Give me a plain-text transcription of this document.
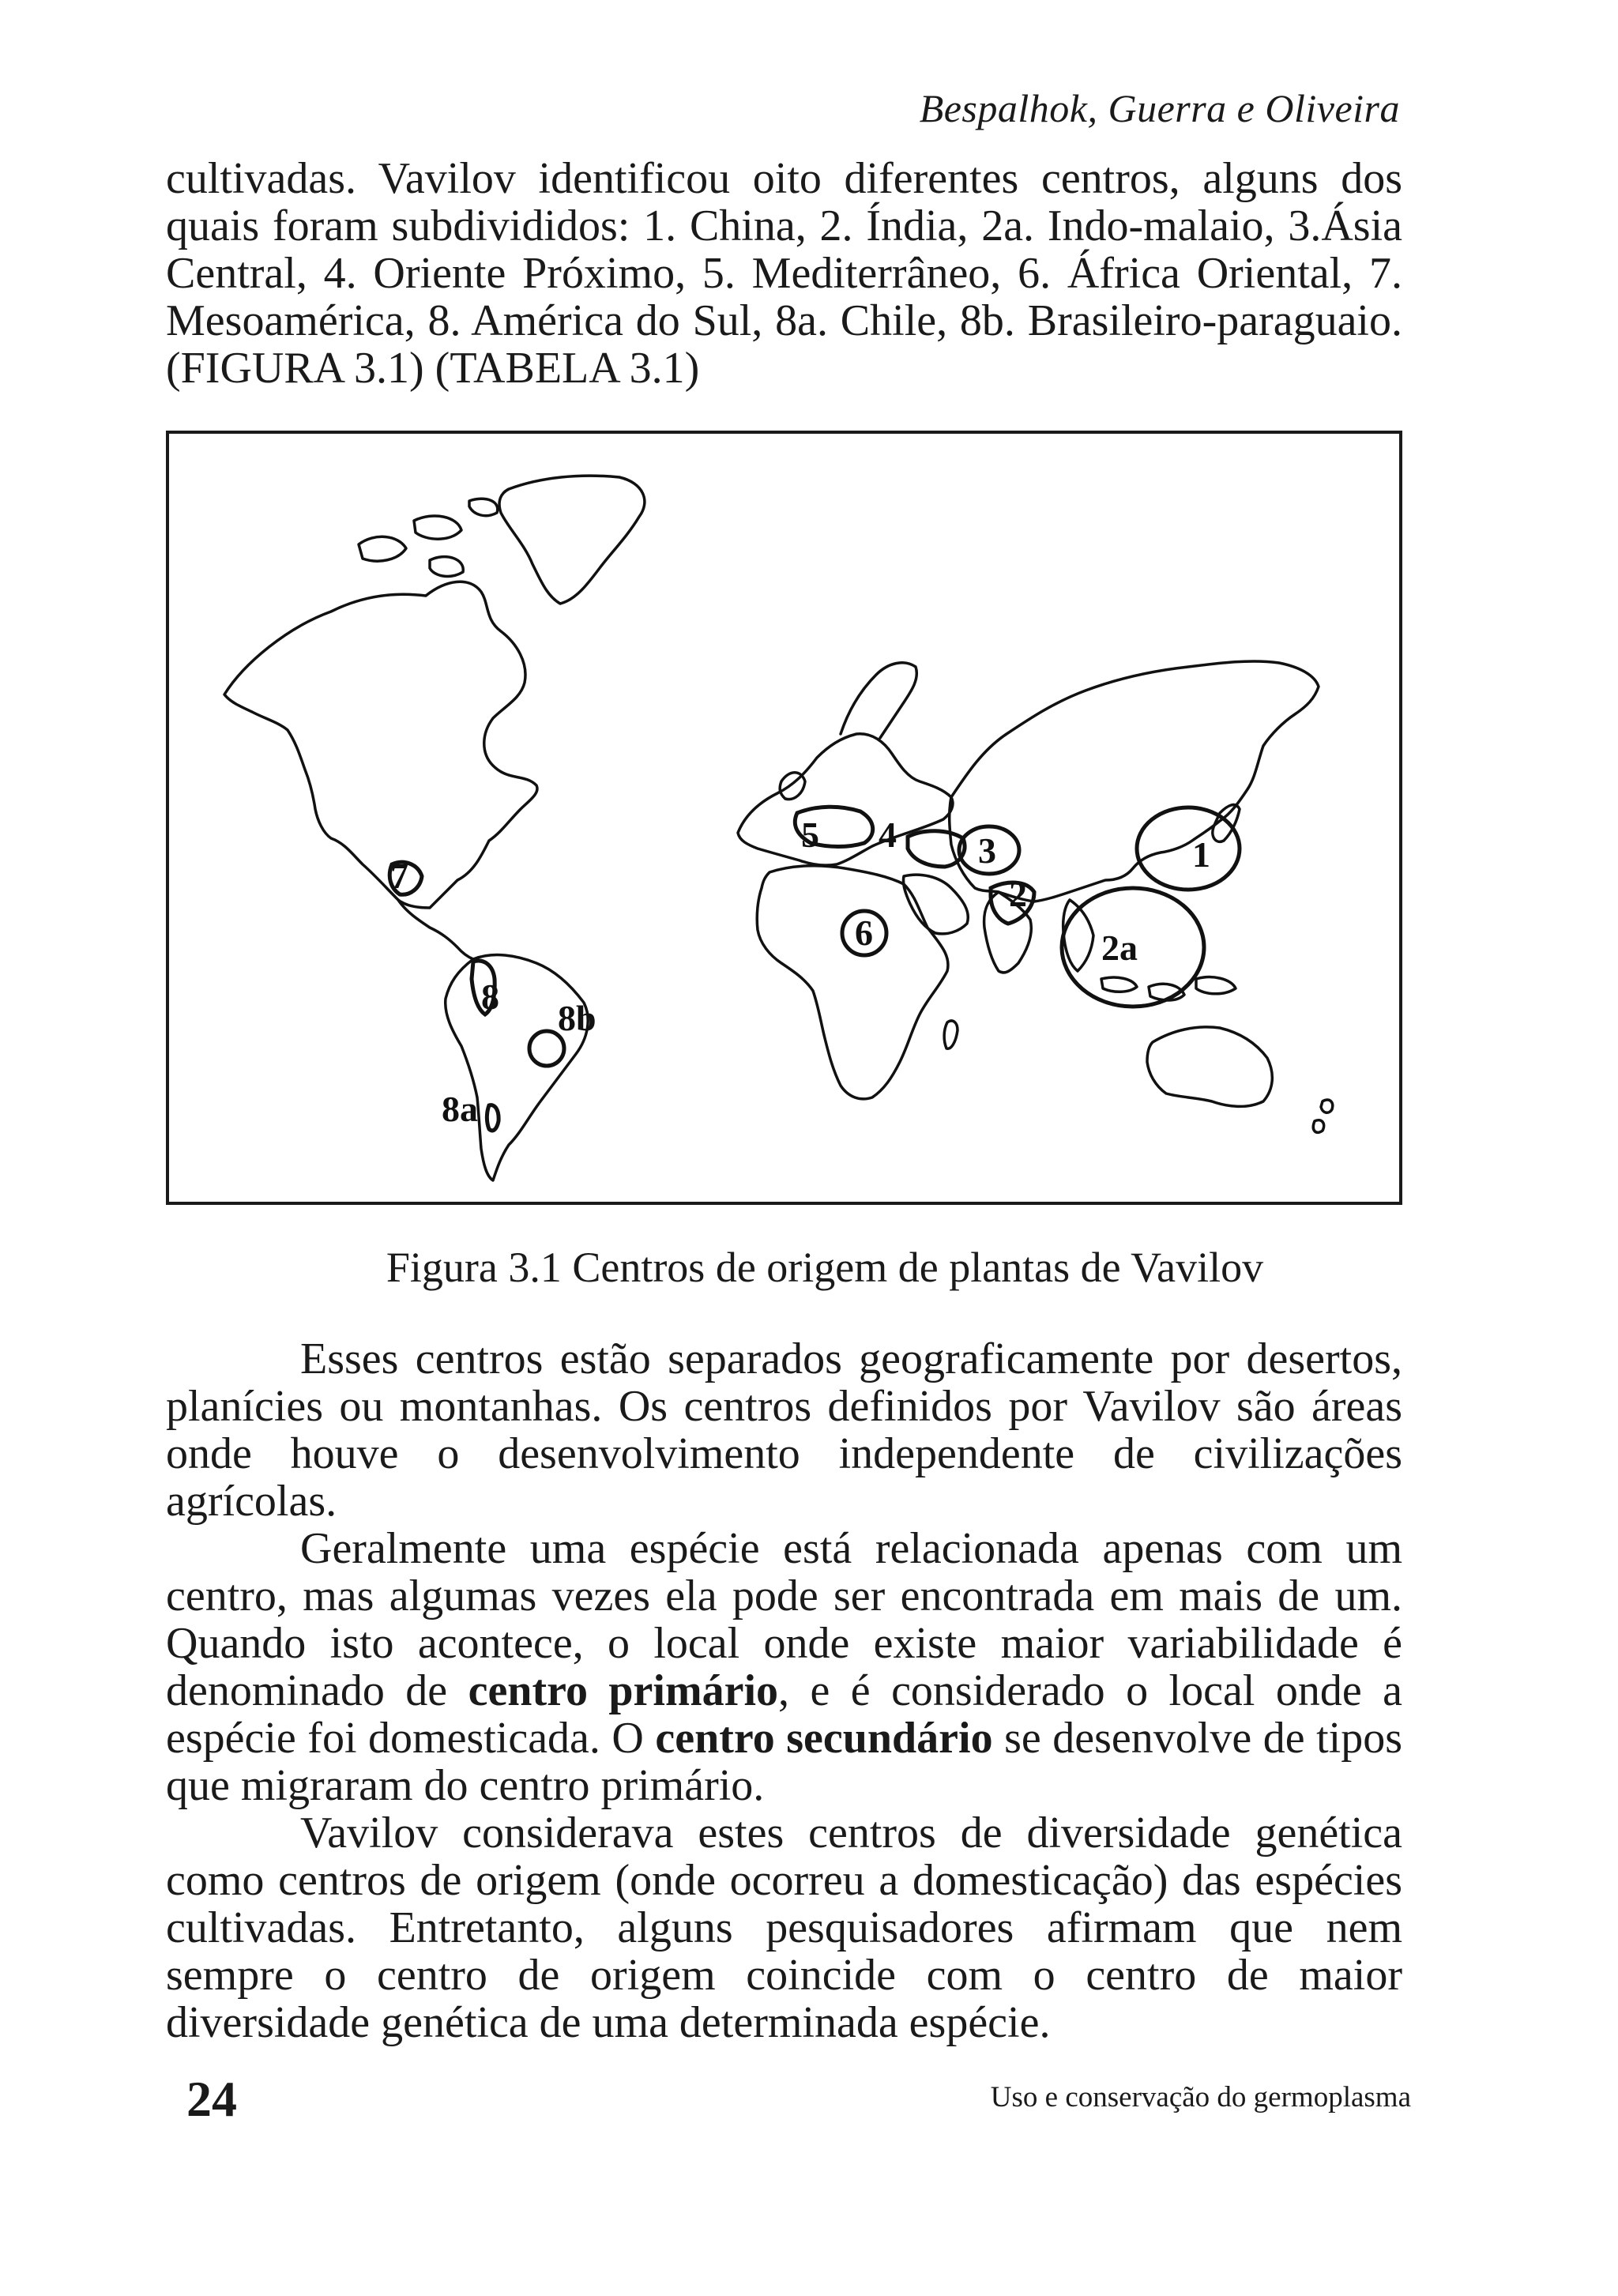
Bespalhok, Guerra e Oliveira

cultivadas. Vavilov identificou oito diferentes centros, alguns dos quais foram subdivididos: 1. China, 2. Índia, 2a. Indo-malaio, 3.Ásia Central, 4. Oriente Próximo, 5. Mediterrâneo, 6. África Oriental, 7. Mesoamérica, 8. América do Sul, 8a. Chile, 8b. Brasileiro-paraguaio. (FIGURA 3.1) (TABELA 3.1)

1
2
2a
3
4
5
6
7
8
8a
8b
Figura 3.1 Centros de origem de plantas de Vavilov

Esses centros estão separados geograficamente por desertos, planícies ou montanhas. Os centros definidos por Vavilov são áreas onde houve o desenvolvimento independente de civilizações agrícolas.

Geralmente uma espécie está relacionada apenas com um centro, mas algumas vezes ela pode ser encontrada em mais de um. Quando isto acontece, o local onde existe maior variabilidade é denominado de centro primário, e é considerado o local onde a espécie foi domesticada. O centro secundário se desenvolve de tipos que migraram do centro primário.

Vavilov considerava estes centros de diversidade genética como centros de origem (onde ocorreu a domesticação) das espécies cultivadas. Entretanto, alguns pesquisadores afirmam que nem sempre o centro de origem coincide com o centro de maior diversidade genética de uma determinada espécie.

24	Uso e conservação do germoplasma
